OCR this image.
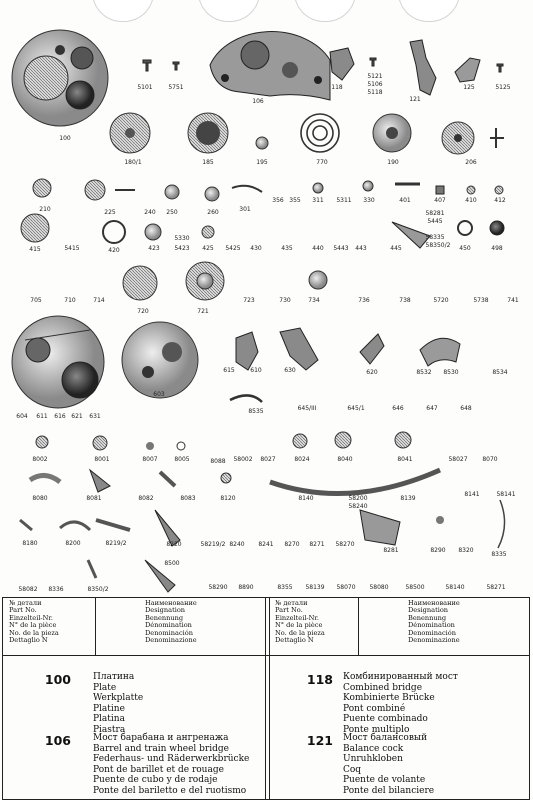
5101	5751
106
118
5121
5106
5118
121
125	5125
100
180/1	185	195	770	190	206
210	225	240 250	260	301
356 355 311 5311 330	401	407	410	412
58281
5445
58335
58350/2
415	5415	420	423
5330
5423 425 5425 430	435	440 5443 443	445	450	498
705	710	714
720	721
723	730	734	736	738	5720	5738	741
604 611 616 621 631
603
615	610	630	620	8532 8530	8534
8535	645/III	645/1	646	647	648
8002	8001	8007	8005	8088 58002 8027	8024	8040	8041	58027 8070
8080	8081	8082	8083	8120	8140	58200
58240
8139
8141	58141
8180	8200	8219/2	8220	58219/2 8240 8241 8270 8271 58270
8281	8290 8320
8335
58082 8336	8350/2
8500
58290 8890	8355 58139 58070 58080	58500	58140	58271
№ детали
Part No.
Einzelteil-Nr.
N° de la pièce
No. de la pieza
Dettaglio N
Наименование
Designation
Benennung
Dénomination
Denominación
Denominazione
№ детали
Part No.
Einzelteil-Nr.
N° de la pièce
No. de la pieza
Dettaglio N
Наименование
Designation
Benennung
Dénomination
Denominación
Denominazione
100 Платина
Plate
Werkplatte
Platine
Platina
Piastra
106 Мост барабана и ангренажа
Barrel and train wheel bridge
Federhaus- und Räderwerkbrücke
Pont de barillet et de rouage
Puente de cubo y de rodaje
Ponte del bariletto e del ruotismo
118 Комбинированный мост
Combined bridge
Kombinierte Brücke
Pont combiné
Puente combinado
Ponte multiplo
121 Мост балансовый
Balance cock
Unruhkloben
Coq
Puente de volante
Ponte del bilanciere
